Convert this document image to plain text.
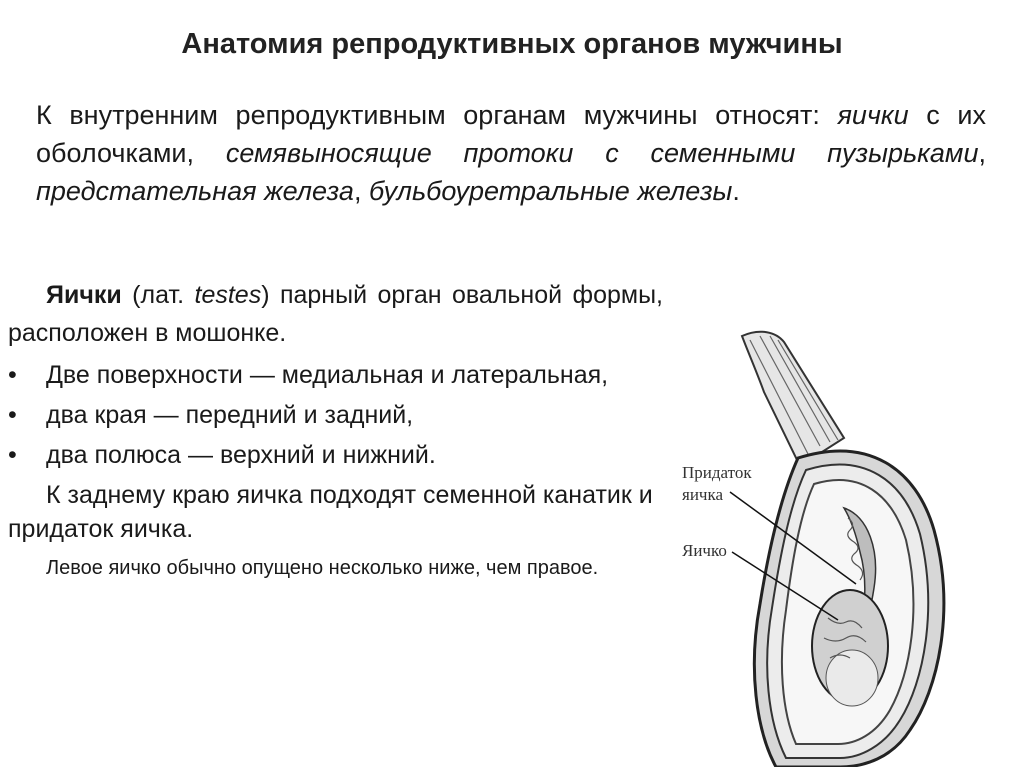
Анатомия репродуктивных органов мужчины
К внутренним репродуктивным органам мужчины относят: яички с их оболочками, семявыносящие протоки с семенными пузырьками, предстательная железа, бульбоуретральные железы.
Яички (лат. testes) парный орган овальной формы, расположен в мошонке.
• Две поверхности — медиальная и латеральная,
• два края — передний и задний,
• два полюса — верхний и нижний.
К заднему краю яичка подходят семенной канатик и придаток яичка.
Левое яичко обычно опущено несколько ниже, чем правое.
Придаток
яичка
Яичко
